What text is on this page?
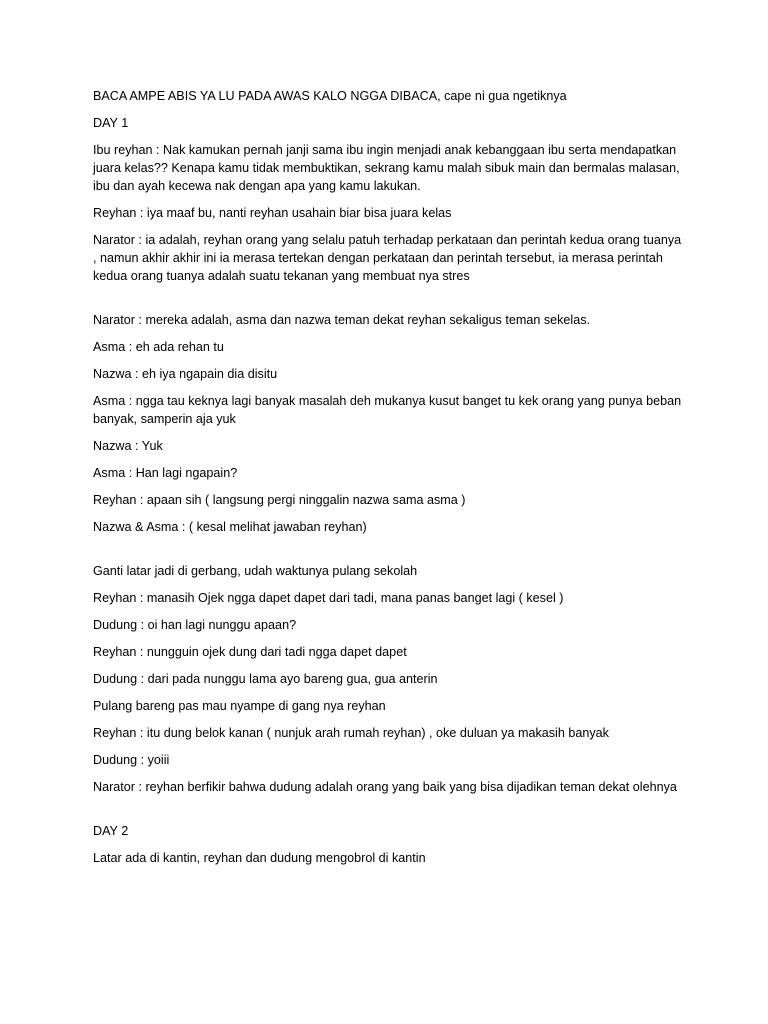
BACA AMPE ABIS YA LU PADA AWAS KALO NGGA DIBACA, cape ni gua ngetiknya

DAY 1

Ibu reyhan : Nak kamukan pernah janji sama ibu ingin menjadi anak kebanggaan ibu serta mendapatkan juara kelas?? Kenapa kamu tidak membuktikan, sekrang kamu malah sibuk main dan bermalas malasan, ibu dan ayah kecewa nak dengan apa yang kamu lakukan.

Reyhan : iya maaf bu, nanti reyhan usahain biar bisa juara kelas

Narator : ia adalah, reyhan orang yang selalu patuh terhadap perkataan dan perintah kedua orang tuanya , namun akhir akhir ini ia merasa tertekan dengan perkataan dan perintah tersebut, ia merasa perintah kedua orang tuanya adalah suatu tekanan yang membuat nya stres

Narator : mereka adalah, asma dan nazwa teman dekat reyhan sekaligus teman sekelas.

Asma : eh ada rehan tu

Nazwa : eh iya ngapain dia disitu

Asma : ngga tau keknya lagi banyak masalah deh mukanya kusut banget tu kek orang yang punya beban banyak, samperin aja yuk

Nazwa : Yuk

Asma : Han lagi ngapain?

Reyhan : apaan sih ( langsung pergi ninggalin nazwa sama asma )

Nazwa & Asma : ( kesal melihat jawaban reyhan)

Ganti latar jadi di gerbang, udah waktunya pulang sekolah

Reyhan : manasih Ojek ngga dapet dapet dari tadi, mana panas banget lagi ( kesel )

Dudung : oi han lagi nunggu apaan?

Reyhan : nungguin ojek dung dari tadi ngga dapet dapet

Dudung : dari pada nunggu lama ayo bareng gua, gua anterin

Pulang bareng pas mau nyampe di gang nya reyhan

Reyhan : itu dung belok kanan ( nunjuk arah rumah reyhan) , oke duluan ya makasih banyak

Dudung : yoiii

Narator : reyhan berfikir bahwa dudung adalah orang yang baik yang bisa dijadikan teman dekat olehnya

DAY 2

Latar ada di kantin, reyhan dan dudung mengobrol di kantin
